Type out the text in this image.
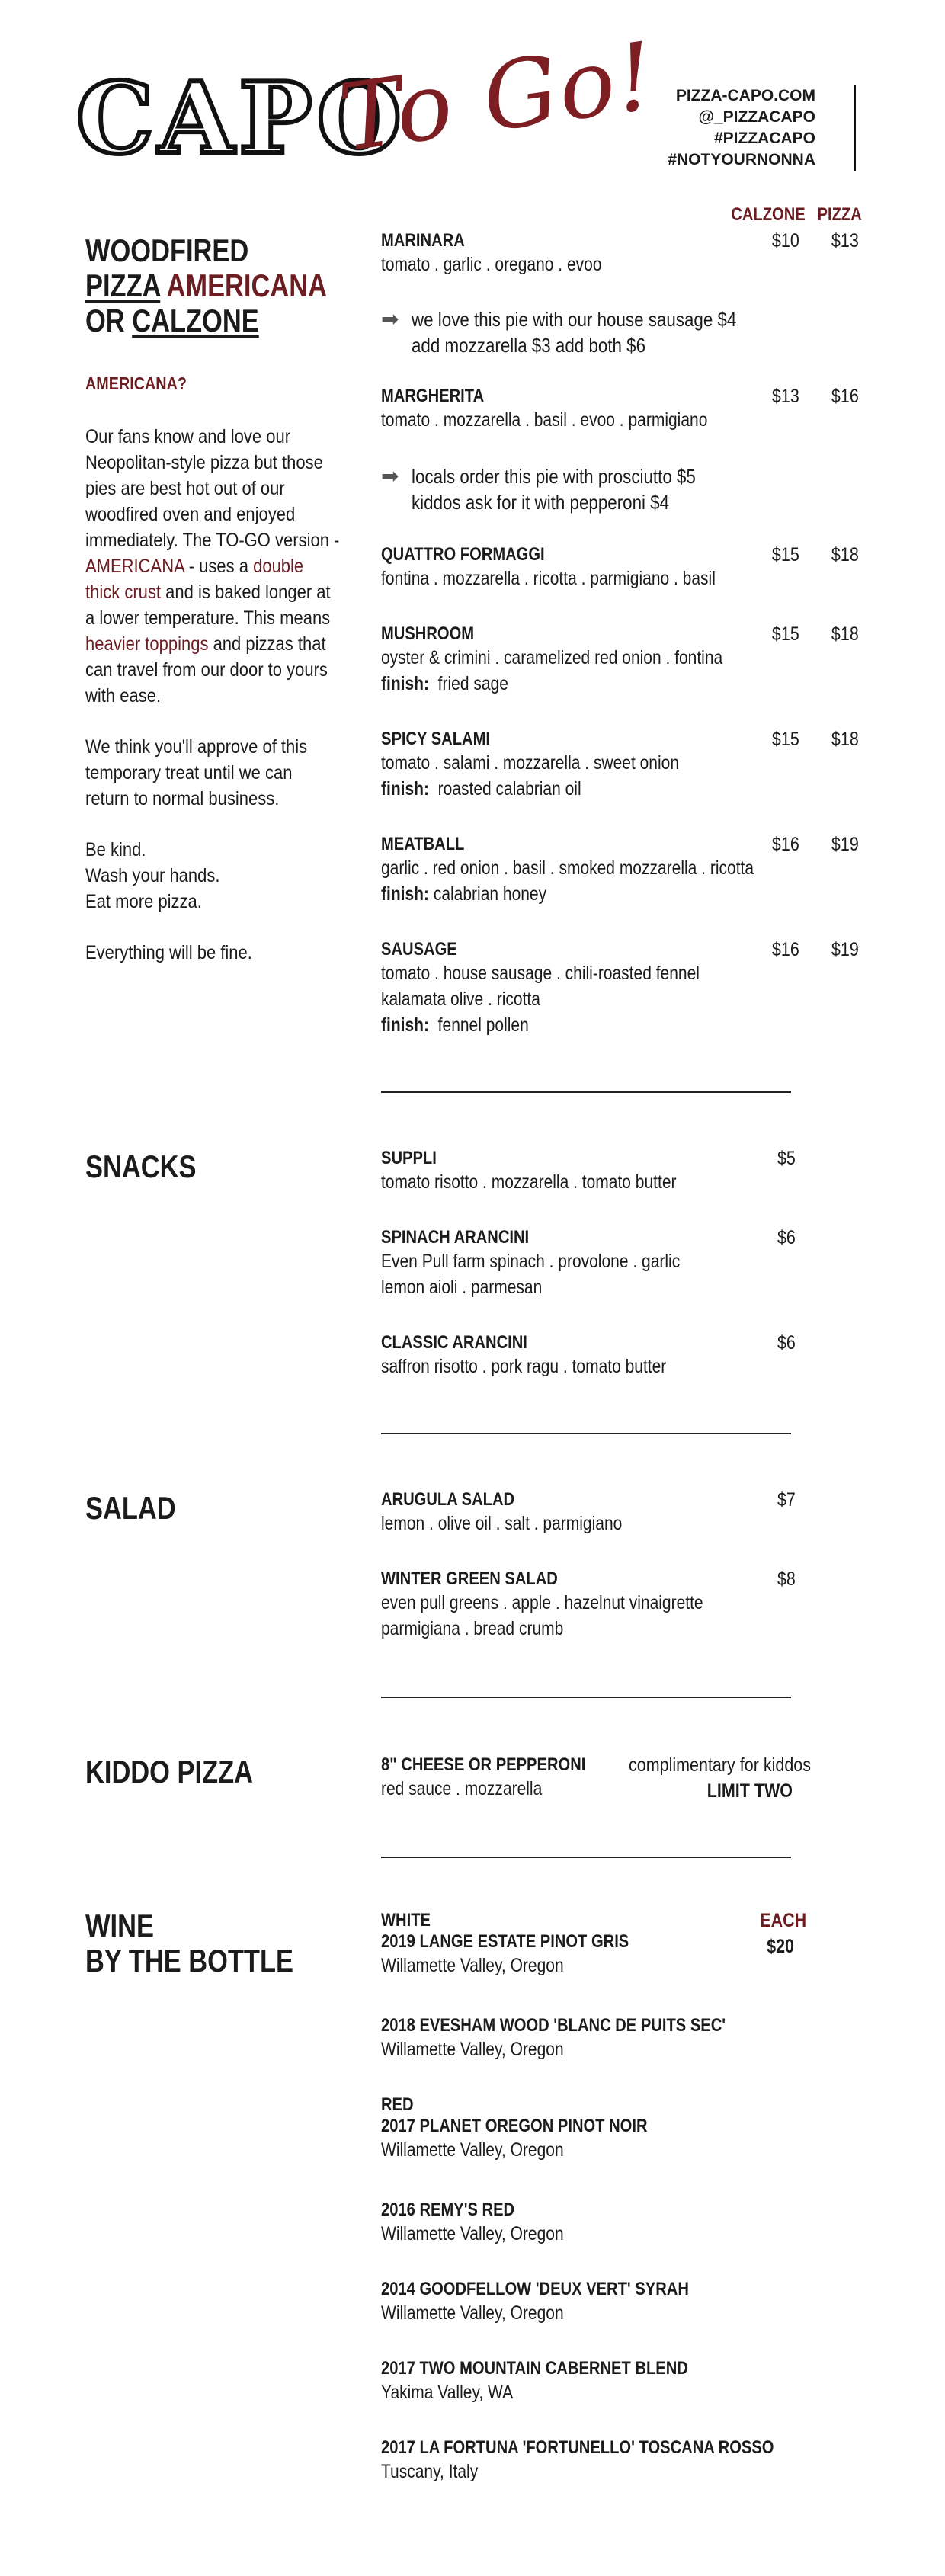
CAPO
To Go! PIZZA-CAPO.COM
@_PIZZACAPO
#PIZZACAPO
#NOTYOURNONNA
WOODFIRED
PIZZA AMERICANA
OR CALZONE
AMERICANA?

Our fans know and love our Neopolitan-style pizza but those pies are best hot out of our woodfired oven and enjoyed immediately. The TO-GO version - AMERICANA - uses a double thick crust and is baked longer at a lower temperature. This means heavier toppings and pizzas that can travel from our door to yours with ease.

We think you'll approve of this temporary treat until we can return to normal business.

Be kind.
Wash your hands.
Eat more pizza.

Everything will be fine.

CALZONE PIZZA
MARINARA
tomato . garlic . oregano . evoo
$10 $13
➡ we love this pie with our house sausage $4
add mozzarella $3 add both $6
MARGHERITA
tomato . mozzarella . basil . evoo . parmigiano
$13 $16
➡ locals order this pie with prosciutto $5
kiddos ask for it with pepperoni $4
QUATTRO FORMAGGI
fontina . mozzarella . ricotta . parmigiano . basil
$15 $18
MUSHROOM
oyster & crimini . caramelized red onion . fontina
finish: fried sage
$15 $18
SPICY SALAMI
tomato . salami . mozzarella . sweet onion
finish: roasted calabrian oil
$15 $18
MEATBALL
garlic . red onion . basil . smoked mozzarella . ricotta
finish: calabrian honey
$16 $19
SAUSAGE
tomato . house sausage . chili-roasted fennel
kalamata olive . ricotta
finish: fennel pollen
$16 $19
SNACKS	SUPPLI
tomato risotto . mozzarella . tomato butter
$5
SPINACH ARANCINI
Even Pull farm spinach . provolone . garlic
lemon aioli . parmesan
$6
CLASSIC ARANCINI
saffron risotto . pork ragu . tomato butter
$6
SALAD	ARUGULA SALAD
lemon . olive oil . salt . parmigiano
$7
WINTER GREEN SALAD
even pull greens . apple . hazelnut vinaigrette
parmigiana . bread crumb
$8
KIDDO PIZZA	8" CHEESE OR PEPPERONI
red sauce . mozzarella
complimentary for kiddos
LIMIT TWO
WINE
BY THE BOTTLE
EACH
$20
WHITE
2019 LANGE ESTATE PINOT GRIS
Willamette Valley, Oregon
2018 EVESHAM WOOD 'BLANC DE PUITS SEC'
Willamette Valley, Oregon
RED
2017 PLANET OREGON PINOT NOIR
Willamette Valley, Oregon
2016 REMY'S RED
Willamette Valley, Oregon
2014 GOODFELLOW 'DEUX VERT' SYRAH
Willamette Valley, Oregon
2017 TWO MOUNTAIN CABERNET BLEND
Yakima Valley, WA
2017 LA FORTUNA 'FORTUNELLO' TOSCANA ROSSO
Tuscany, Italy
